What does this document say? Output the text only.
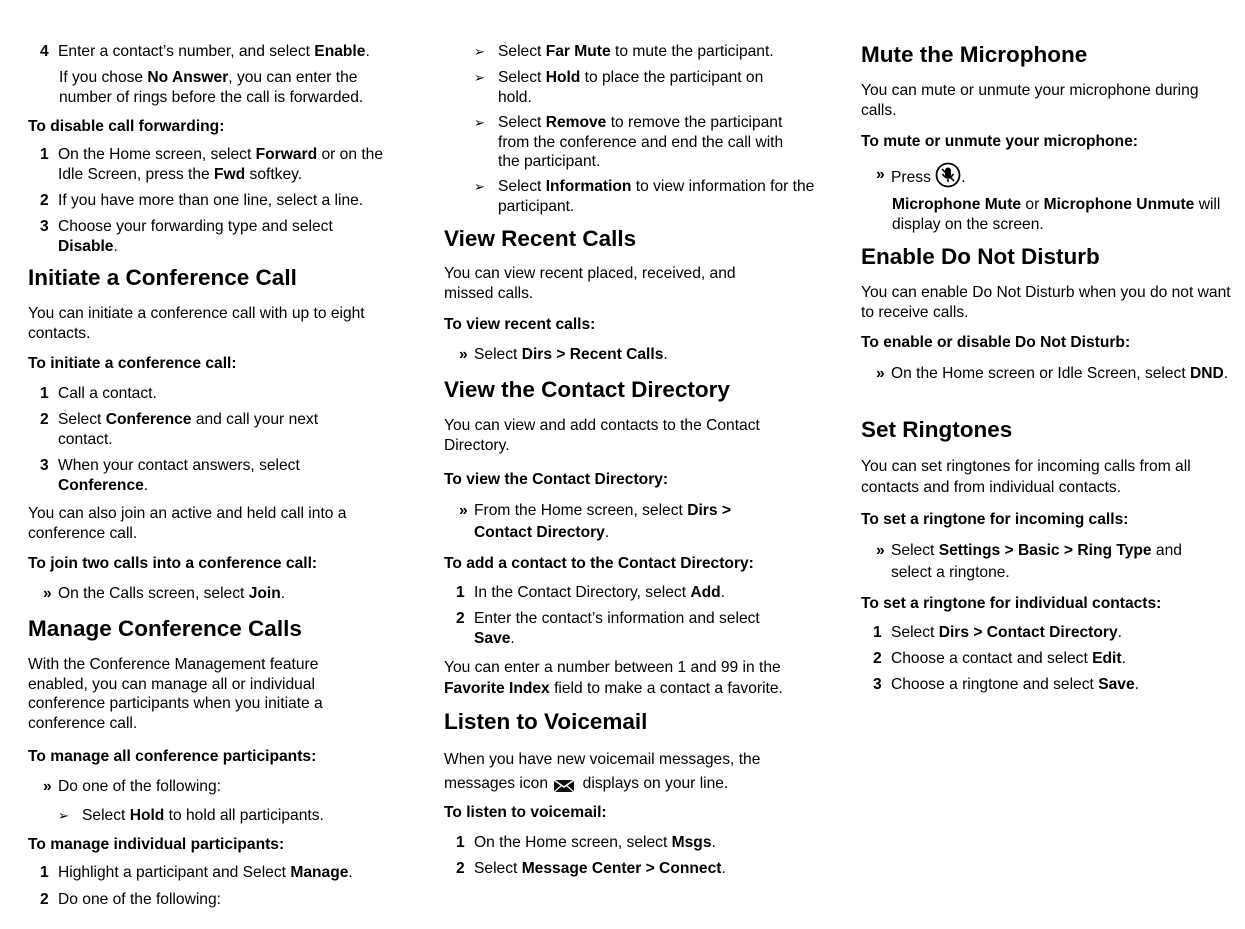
4 Enter a contact’s number, and select Enable.
If you chose No Answer, you can enter the number of rings before the call is forwarded.
To disable call forwarding:
1 On the Home screen, select Forward or on the Idle Screen, press the Fwd softkey.
2 If you have more than one line, select a line.
3 Choose your forwarding type and select Disable.
Initiate a Conference Call
You can initiate a conference call with up to eight contacts.
To initiate a conference call:
1 Call a contact.
2 Select Conference and call your next contact.
3 When your contact answers, select Conference.
You can also join an active and held call into a conference call.
To join two calls into a conference call:
» On the Calls screen, select Join.
Manage Conference Calls
With the Conference Management feature enabled, you can manage all or individual conference participants when you initiate a conference call.
To manage all conference participants:
» Do one of the following:
➢ Select Hold to hold all participants.
To manage individual participants:
1 Highlight a participant and Select Manage.
2 Do one of the following:
➢ Select Far Mute to mute the participant.
➢ Select Hold to place the participant on hold.
➢ Select Remove to remove the participant from the conference and end the call with the participant.
➢ Select Information to view information for the participant.
View Recent Calls
You can view recent placed, received, and missed calls.
To view recent calls:
» Select Dirs > Recent Calls.
View the Contact Directory
You can view and add contacts to the Contact Directory.
To view the Contact Directory:
» From the Home screen, select Dirs > Contact Directory.
To add a contact to the Contact Directory:
1 In the Contact Directory, select Add.
2 Enter the contact’s information and select Save.
You can enter a number between 1 and 99 in the Favorite Index field to make a contact a favorite.
Listen to Voicemail
When you have new voicemail messages, the messages icon  displays on your line.
To listen to voicemail:
1 On the Home screen, select Msgs.
2 Select Message Center > Connect.
Mute the Microphone
You can mute or unmute your microphone during calls.
To mute or unmute your microphone:
» Press .
Microphone Mute or Microphone Unmute will display on the screen.
Enable Do Not Disturb
You can enable Do Not Disturb when you do not want to receive calls.
To enable or disable Do Not Disturb:
» On the Home screen or Idle Screen, select DND.
Set Ringtones
You can set ringtones for incoming calls from all contacts and from individual contacts.
To set a ringtone for incoming calls:
» Select Settings > Basic > Ring Type and select a ringtone.
To set a ringtone for individual contacts:
1 Select Dirs > Contact Directory.
2 Choose a contact and select Edit.
3 Choose a ringtone and select Save.
